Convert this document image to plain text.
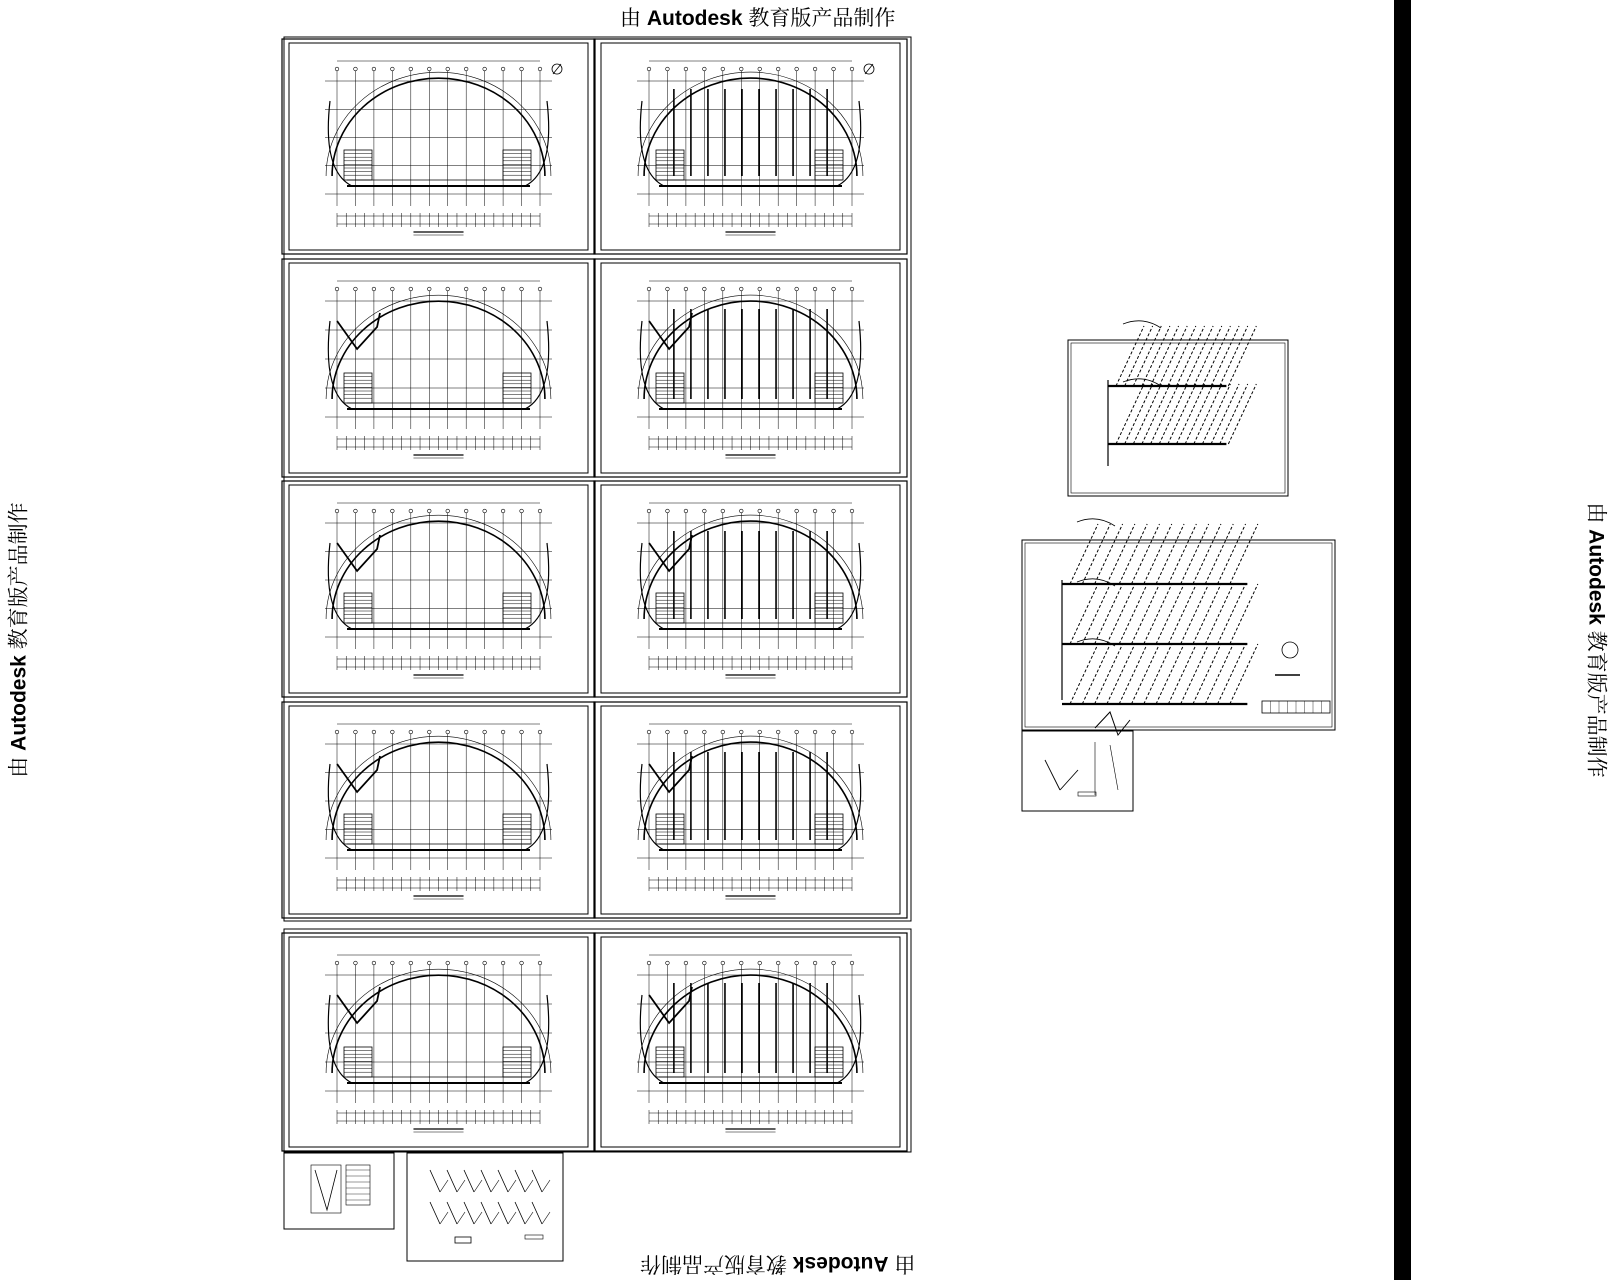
由 Autodesk 教育版产品制作
由 Autodesk 教育版产品制作
由 Autodesk 教育版产品制作	由 Autodesk 教育版产品制作
